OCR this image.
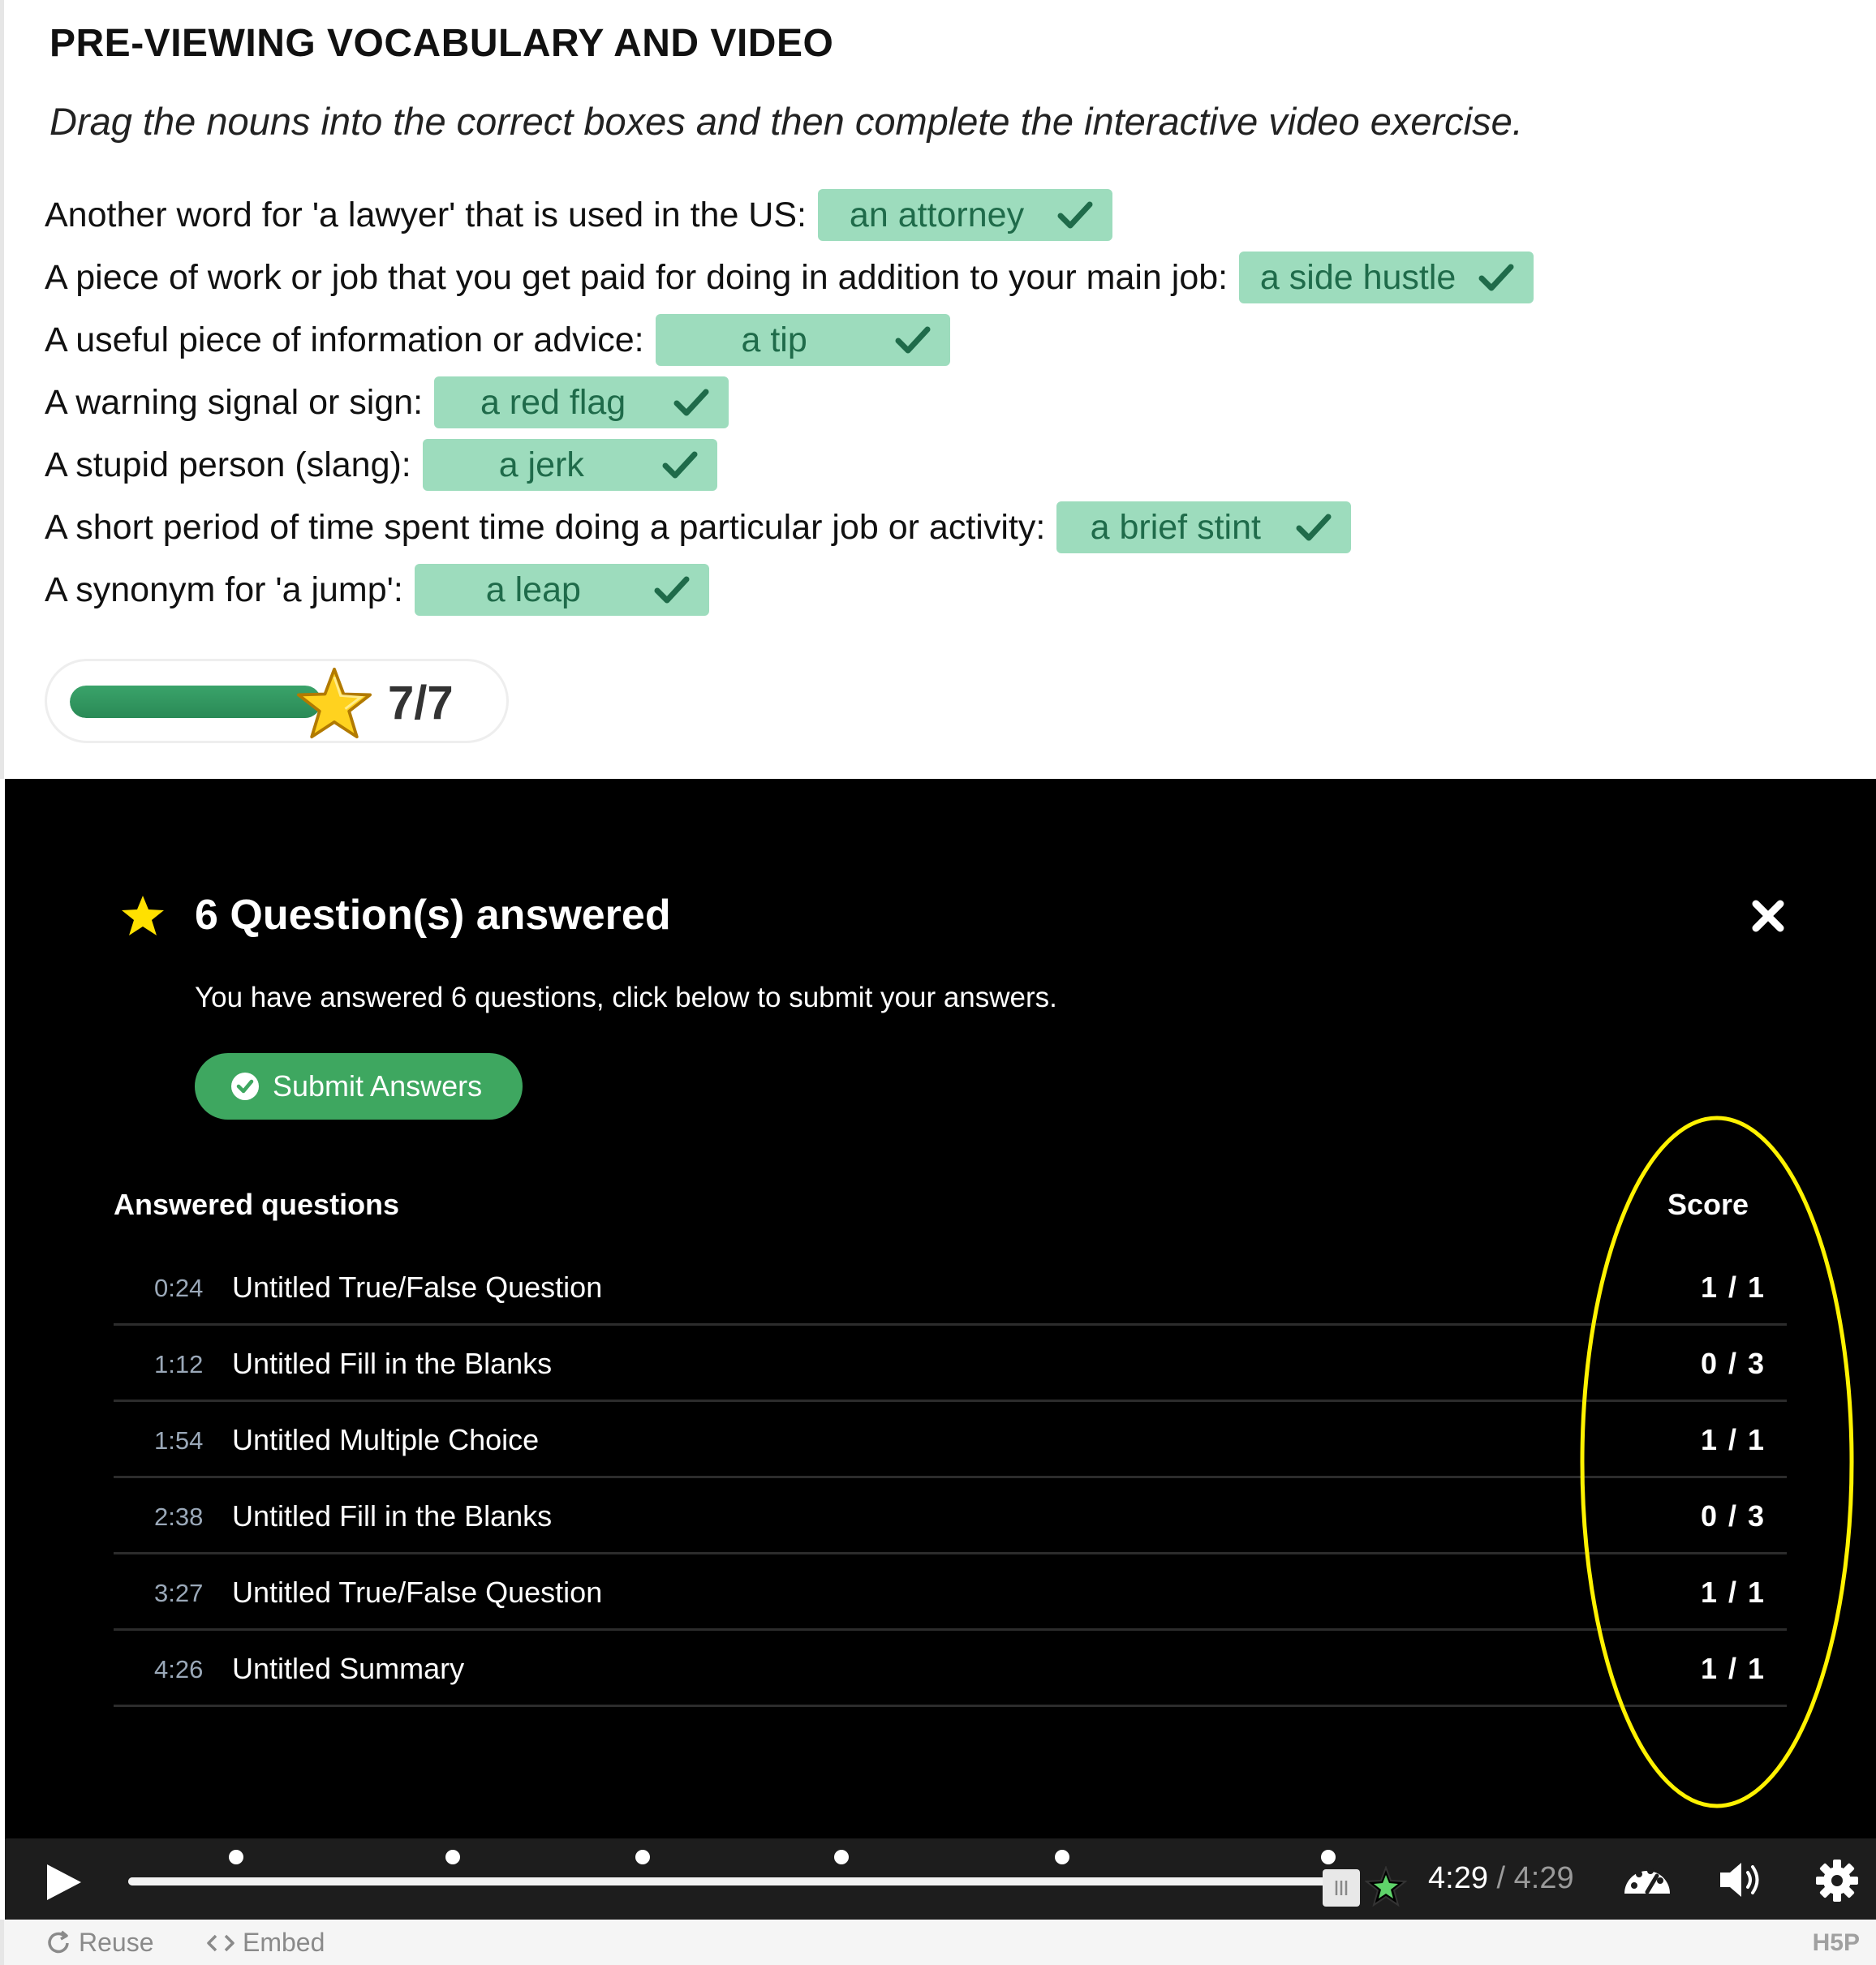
PRE-VIEWING VOCABULARY AND VIDEO
Drag the nouns into the correct boxes and then complete the interactive video exercise.
Another word for 'a lawyer' that is used in the US: an attorney
A piece of work or job that you get paid for doing in addition to your main job: a side hustle
A useful piece of information or advice:	a tip
A warning signal or sign: a red flag
A stupid person (slang):	a jerk
A short period of time spent time doing a particular job or activity: a brief stint
A synonym for 'a jump': a leap
7/7
6 Question(s) answered
You have answered 6 questions, click below to submit your answers.
Submit Answers
Answered questions	Score
0:24 Untitled True/False Question	1 / 1
1:12 Untitled Fill in the Blanks	0 / 3
1:54 Untitled Multiple Choice	1 / 1
2:38 Untitled Fill in the Blanks	0 / 3
3:27 Untitled True/False Question	1 / 1
4:26 Untitled Summary	1 / 1
4:29 / 4:29
Reuse	Embed	H5P
